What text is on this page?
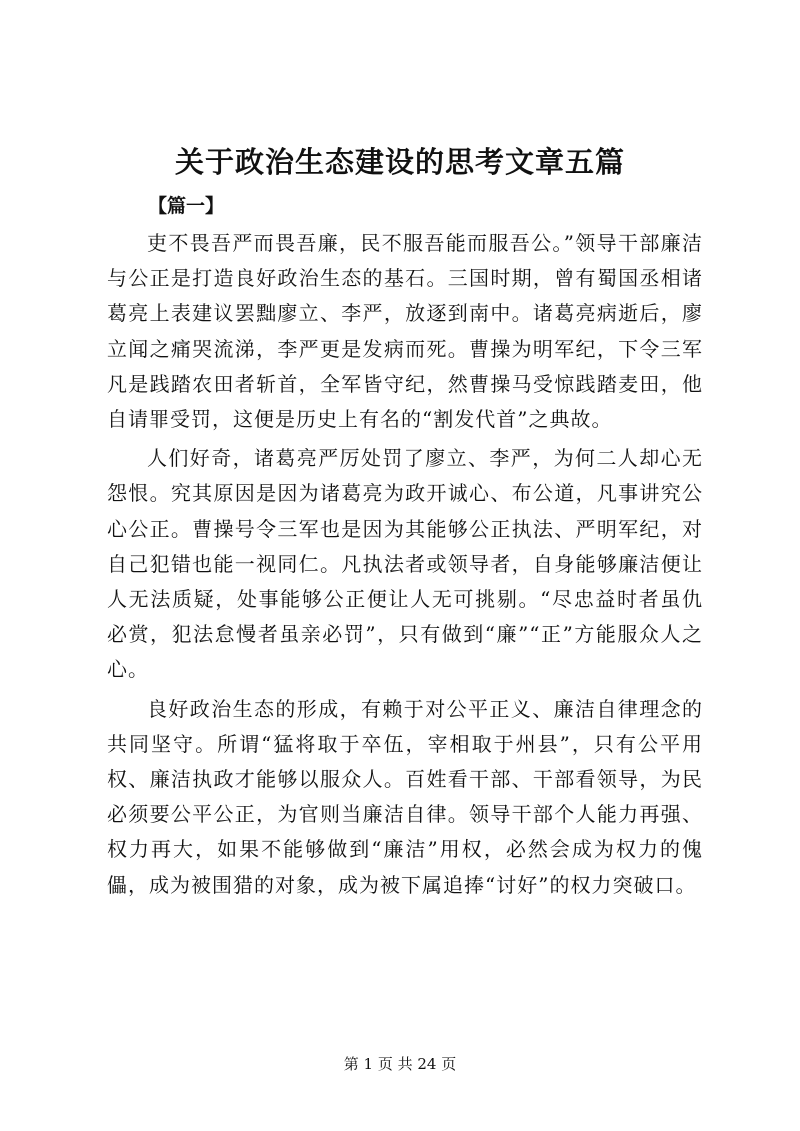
关于政治生态建设的思考文章五篇
【篇一】

吏不畏吾严而畏吾廉，民不服吾能而服吾公。”领导干部廉洁与公正是打造良好政治生态的基石。三国时期，曾有蜀国丞相诸葛亮上表建议罢黜廖立、李严，放逐到南中。诸葛亮病逝后，廖立闻之痛哭流涕，李严更是发病而死。曹操为明军纪，下令三军凡是践踏农田者斩首，全军皆守纪，然曹操马受惊践踏麦田，他自请罪受罚，这便是历史上有名的“割发代首”之典故。

人们好奇，诸葛亮严厉处罚了廖立、李严，为何二人却心无怨恨。究其原因是因为诸葛亮为政开诚心、布公道，凡事讲究公心公正。曹操号令三军也是因为其能够公正执法、严明军纪，对自己犯错也能一视同仁。凡执法者或领导者，自身能够廉洁便让人无法质疑，处事能够公正便让人无可挑剔。“尽忠益时者虽仇必赏，犯法怠慢者虽亲必罚”，只有做到“廉”“正”方能服众人之心。

良好政治生态的形成，有赖于对公平正义、廉洁自律理念的共同坚守。所谓“猛将取于卒伍，宰相取于州县”，只有公平用权、廉洁执政才能够以服众人。百姓看干部、干部看领导，为民必须要公平公正，为官则当廉洁自律。领导干部个人能力再强、权力再大，如果不能够做到“廉洁”用权，必然会成为权力的傀儡，成为被围猎的对象，成为被下属追捧“讨好”的权力突破口。

第 1 页 共 24 页
